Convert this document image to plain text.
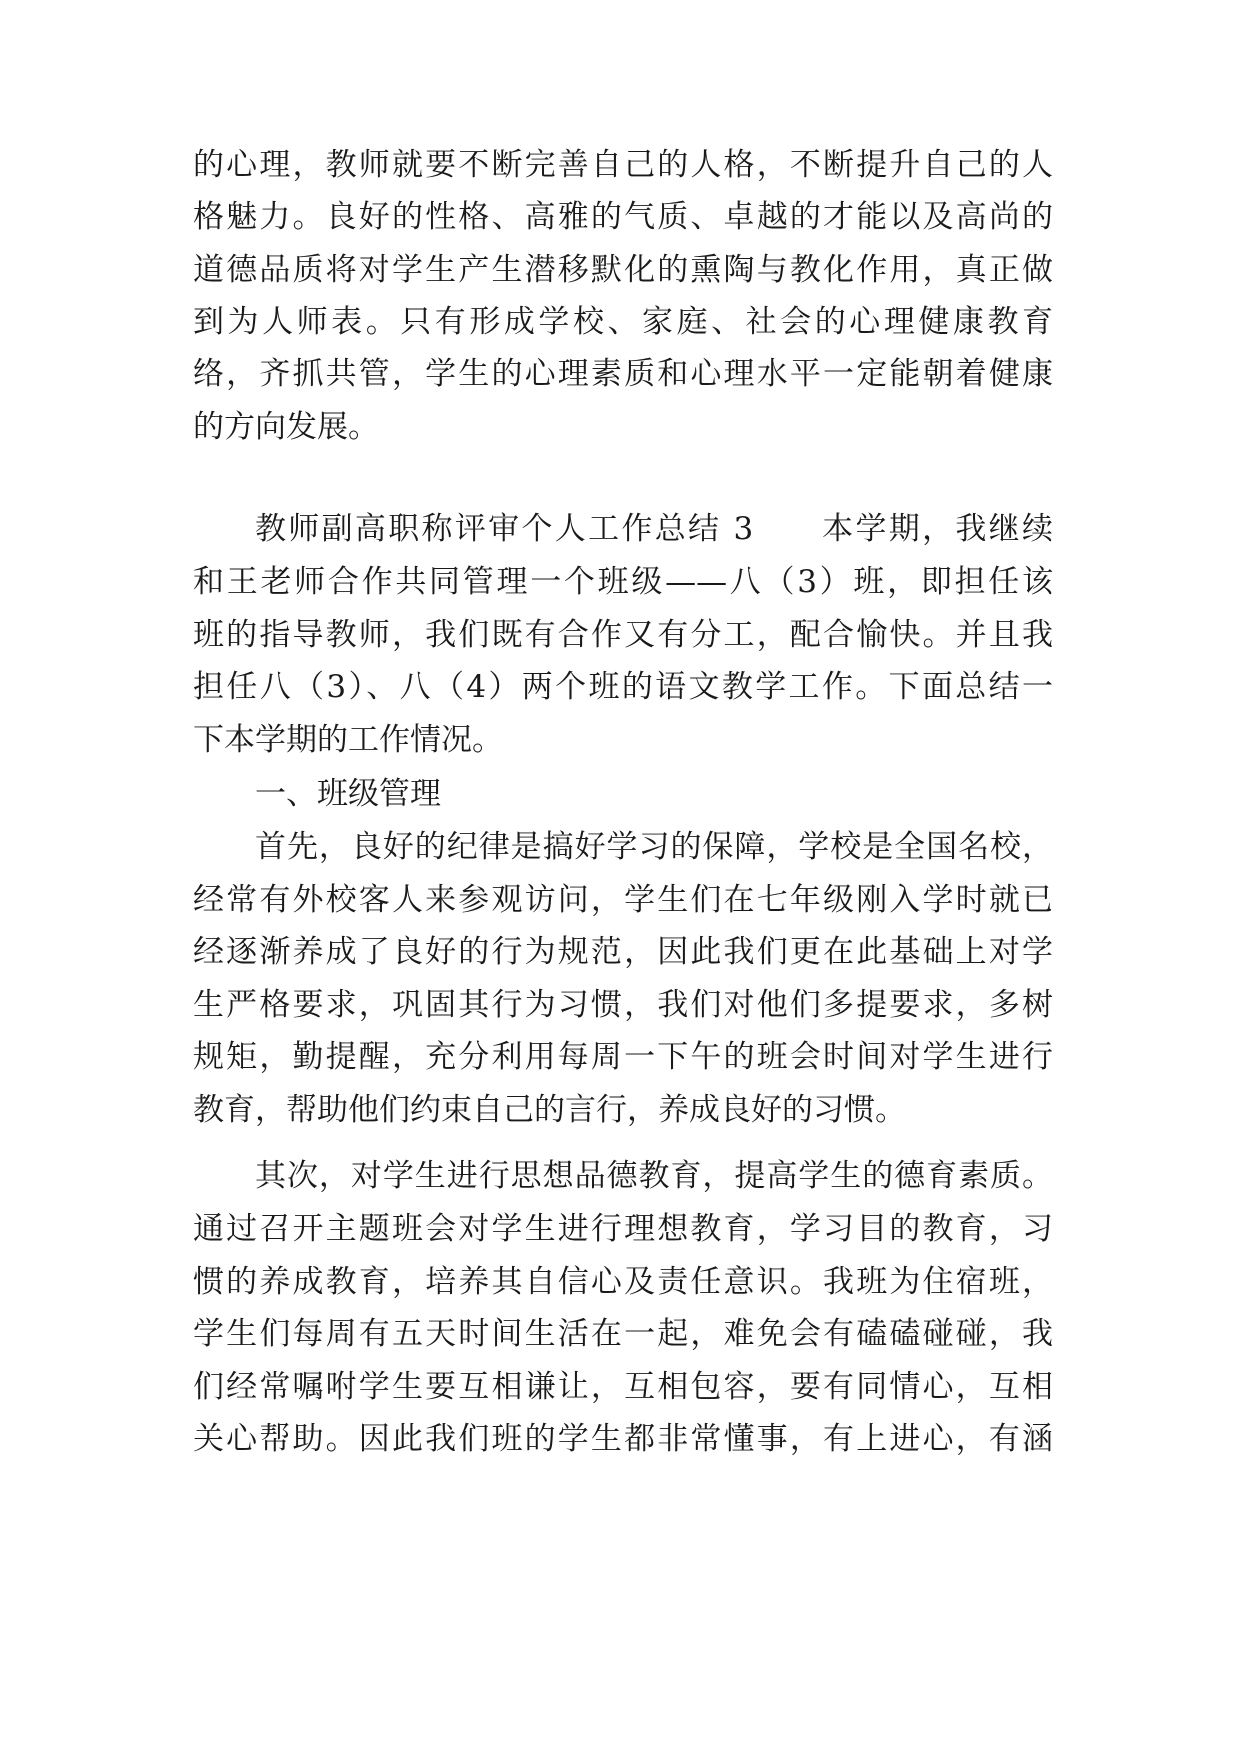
的心理，教师就要不断完善自己的人格，不断提升自己的人
格魅力。良好的性格、高雅的气质、卓越的才能以及高尚的
道德品质将对学生产生潜移默化的熏陶与教化作用，真正做
到为人师表。只有形成学校、家庭、社会的心理健康教育
络，齐抓共管，学生的心理素质和心理水平一定能朝着健康
的方向发展。
教师副高职称评审个人工作总结 3　　本学期，我继续
和王老师合作共同管理一个班级——八（3）班，即担任该
班的指导教师，我们既有合作又有分工，配合愉快。并且我
担任八（3）、八（4）两个班的语文教学工作。下面总结一
下本学期的工作情况。
一、班级管理
首先，良好的纪律是搞好学习的保障，学校是全国名校，
经常有外校客人来参观访问，学生们在七年级刚入学时就已
经逐渐养成了良好的行为规范，因此我们更在此基础上对学
生严格要求，巩固其行为习惯，我们对他们多提要求，多树
规矩，勤提醒，充分利用每周一下午的班会时间对学生进行
教育，帮助他们约束自己的言行，养成良好的习惯。
其次，对学生进行思想品德教育，提高学生的德育素质。
通过召开主题班会对学生进行理想教育，学习目的教育，习
惯的养成教育，培养其自信心及责任意识。我班为住宿班，
学生们每周有五天时间生活在一起，难免会有磕磕碰碰，我
们经常嘱咐学生要互相谦让，互相包容，要有同情心，互相
关心帮助。因此我们班的学生都非常懂事，有上进心，有涵
